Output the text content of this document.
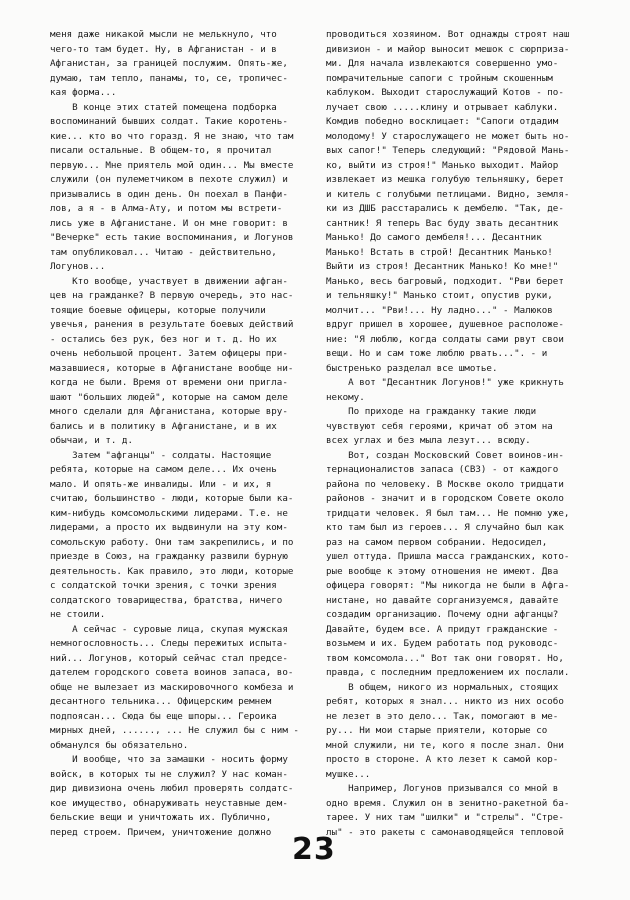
меня даже никакой мысли не мелькнуло, что
чего-то там будет. Ну, в Афганистан - и в
Афганистан, за границей послужим. Опять-же,
думаю, там тепло, панамы, то, се, тропичес-
кая форма...
В конце этих статей помещена подборка
воспоминаний бывших солдат. Такие коротень-
кие... кто во что горазд. Я не знаю, что там
писали остальные. В общем-то, я прочитал
первую... Мне приятель мой один... Мы вместе
служили (он пулеметчиком в пехоте служил) и
призывались в один день. Он поехал в Панфи-
лов, а я - в Алма-Ату, и потом мы встрети-
лись уже в Афганистане. И он мне говорит: в
"Вечерке" есть такие воспоминания, и Логунов
там опубликовал... Читаю - действительно,
Логунов...
Кто вообще, участвует в движении афган-
цев на гражданке? В первую очередь, это нас-
тоящие боевые офицеры, которые получили
увечья, ранения в результате боевых действий
- остались без рук, без ног и т. д. Но их
очень небольшой процент. Затем офицеры при-
мазавшиеся, которые в Афганистане вообще ни-
когда не были. Время от времени они пригла-
шают "больших людей", которые на самом деле
много сделали для Афганистана, которые вру-
бались и в политику в Афганистане, и в их
обычаи, и т. д.
Затем "афганцы" - солдаты. Настоящие
ребята, которые на самом деле... Их очень
мало. И опять-же инвалиды. Или - и их, я
считаю, большинство - люди, которые были ка-
ким-нибудь комсомольскими лидерами. Т.е. не
лидерами, а просто их выдвинули на эту ком-
сомольскую работу. Они там закрепились, и по
приезде в Союз, на гражданку развили бурную
деятельность. Как правило, это люди, которые
с солдатской точки зрения, с точки зрения
солдатского товарищества, братства, ничего
не стоили.
А сейчас - суровые лица, скупая мужская
немногословность... Следы пережитых испыта-
ний... Логунов, который сейчас стал предсе-
дателем городского совета воинов запаса, во-
обще не вылезает из маскировочного комбеза и
десантного тельника... Офицерским ремнем
подпоясан... Сюда бы еще шпоры... Героика
мирных дней, ......, ... Не служил бы с ним -
обманулся бы обязательно.
И вообще, что за замашки - носить форму
войск, в которых ты не служил? У нас коман-
дир дивизиона очень любил проверять солдатс-
кое имущество, обнаруживать неуставные дем-
бельские вещи и уничтожать их. Публично,
перед строем. Причем, уничтожение должно
проводиться хозяином. Вот однажды строят наш
дивизион - и майор выносит мешок с сюрприза-
ми. Для начала извлекаются совершенно умо-
помрачительные сапоги с тройным скошенным
каблуком. Выходит старослужащий Котов - по-
лучает свою .....клину и отрывает каблуки.
Комдив победно восклицает: "Сапоги отдадим
молодому! У старослужащего не может быть но-
вых сапог!" Теперь следующий: "Рядовой Мань-
ко, выйти из строя!" Манько выходит. Майор
извлекает из мешка голубую тельняшку, берет
и китель с голубыми петлицами. Видно, земля-
ки из ДШБ расстарались к дембелю. "Так, де-
сантник! Я теперь Вас буду звать десантник
Манько! До самого дембеля!... Десантник
Манько! Встать в строй! Десантник Манько!
Выйти из строя! Десантник Манько! Ко мне!"
Манько, весь багровый, подходит. "Рви берет
и тельняшку!" Манько стоит, опустив руки,
молчит... "Рви!... Ну ладно..." - Малюков
вдруг пришел в хорошее, душевное расположе-
ние: "Я люблю, когда солдаты сами рвут свои
вещи. Но и сам тоже люблю рвать...". - и
быстренько разделал все шмотье.
А вот "Десантник Логунов!" уже крикнуть
некому.
По приходе на гражданку такие люди
чувствуют себя героями, кричат об этом на
всех углах и без мыла лезут... всюду.
Вот, создан Московский Совет воинов-ин-
тернационалистов запаса (СВЗ) - от каждого
района по человеку. В Москве около тридцати
районов - значит и в городском Совете около
тридцати человек. Я был там... Не помню уже,
кто там был из героев... Я случайно был как
раз на самом первом собрании. Недосидел,
ушел оттуда. Пришла масса гражданских, кото-
рые вообще к этому отношения не имеют. Два
офицера говорят: "Мы никогда не были в Афга-
нистане, но давайте сорганизуемся, давайте
создадим организацию. Почему одни афганцы?
Давайте, будем все. А придут гражданские -
возьмем и их. Будем работать под руководс-
твом комсомола..." Вот так они говорят. Но,
правда, с последним предложением их послали.
В общем, никого из нормальных, стоящих
ребят, которых я знал... никто из них особо
не лезет в это дело... Так, помогают в ме-
ру... Ни мои старые приятели, которые со
мной служили, ни те, кого я после знал. Они
просто в стороне. А кто лезет к самой кор-
мушке...
Например, Логунов призывался со мной в
одно время. Служил он в зенитно-ракетной ба-
тарее. У них там "шилки" и "стрелы". "Стре-
лы" - это ракеты с самонаводящейся тепловой
23
